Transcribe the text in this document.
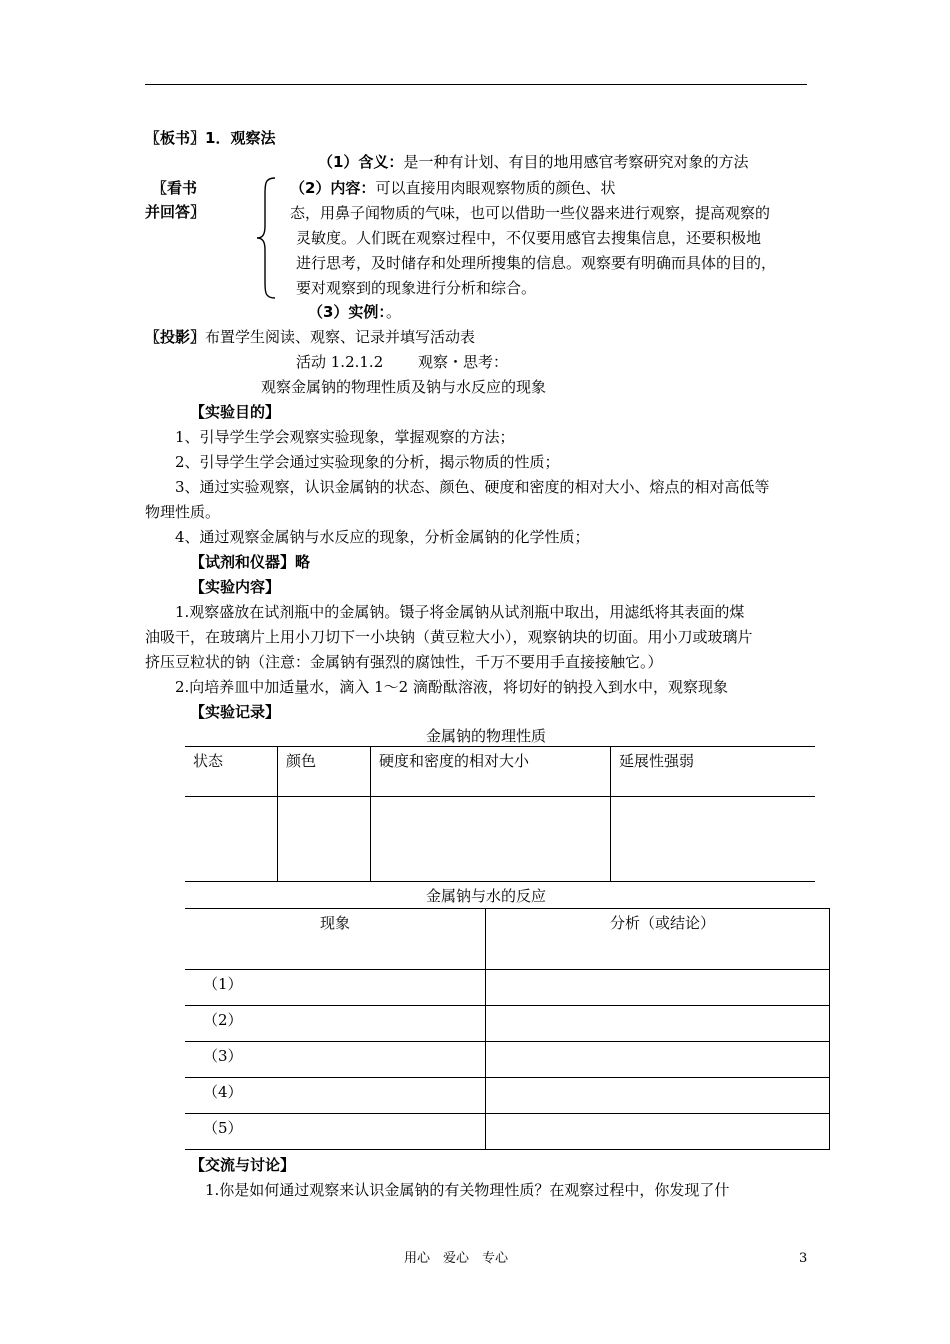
〖板书〗1．观察法
（1）含义：是一种有计划、有目的地用感官考察研究对象的方法
〖看书
并回答〗
（2）内容：可以直接用肉眼观察物质的颜色、状
态，用鼻子闻物质的气味，也可以借助一些仪器来进行观察，提高观察的
灵敏度。人们既在观察过程中，不仅要用感官去搜集信息，还要积极地
进行思考，及时储存和处理所搜集的信息。观察要有明确而具体的目的，
要对观察到的现象进行分析和综合。
（3）实例：。
〖投影〗布置学生阅读、观察、记录并填写活动表
活动 1.2.1.2　　 观察・思考：
观察金属钠的物理性质及钠与水反应的现象
【实验目的】
1、引导学生学会观察实验现象，掌握观察的方法；
2、引导学生学会通过实验现象的分析，揭示物质的性质；
3、通过实验观察，认识金属钠的状态、颜色、硬度和密度的相对大小、熔点的相对高低等
物理性质。
4、通过观察金属钠与水反应的现象，分析金属钠的化学性质；
【试剂和仪器】略
【实验内容】
1.观察盛放在试剂瓶中的金属钠。镊子将金属钠从试剂瓶中取出，用滤纸将其表面的煤
油吸干，在玻璃片上用小刀切下一小块钠（黄豆粒大小），观察钠块的切面。用小刀或玻璃片
挤压豆粒状的钠（注意：金属钠有强烈的腐蚀性，千万不要用手直接接触它。）
2.向培养皿中加适量水，滴入 1～2 滴酚酞溶液，将切好的钠投入到水中，观察现象
【实验记录】
金属钠的物理性质
状态	颜色	硬度和密度的相对大小	延展性强弱

金属钠与水的反应
现象	分析（或结论）
（1）	
（2）	
（3）	
（4）	
（5）	
【交流与讨论】
1.你是如何通过观察来认识金属钠的有关物理性质？在观察过程中，你发现了什
用心　爱心　专心	3
